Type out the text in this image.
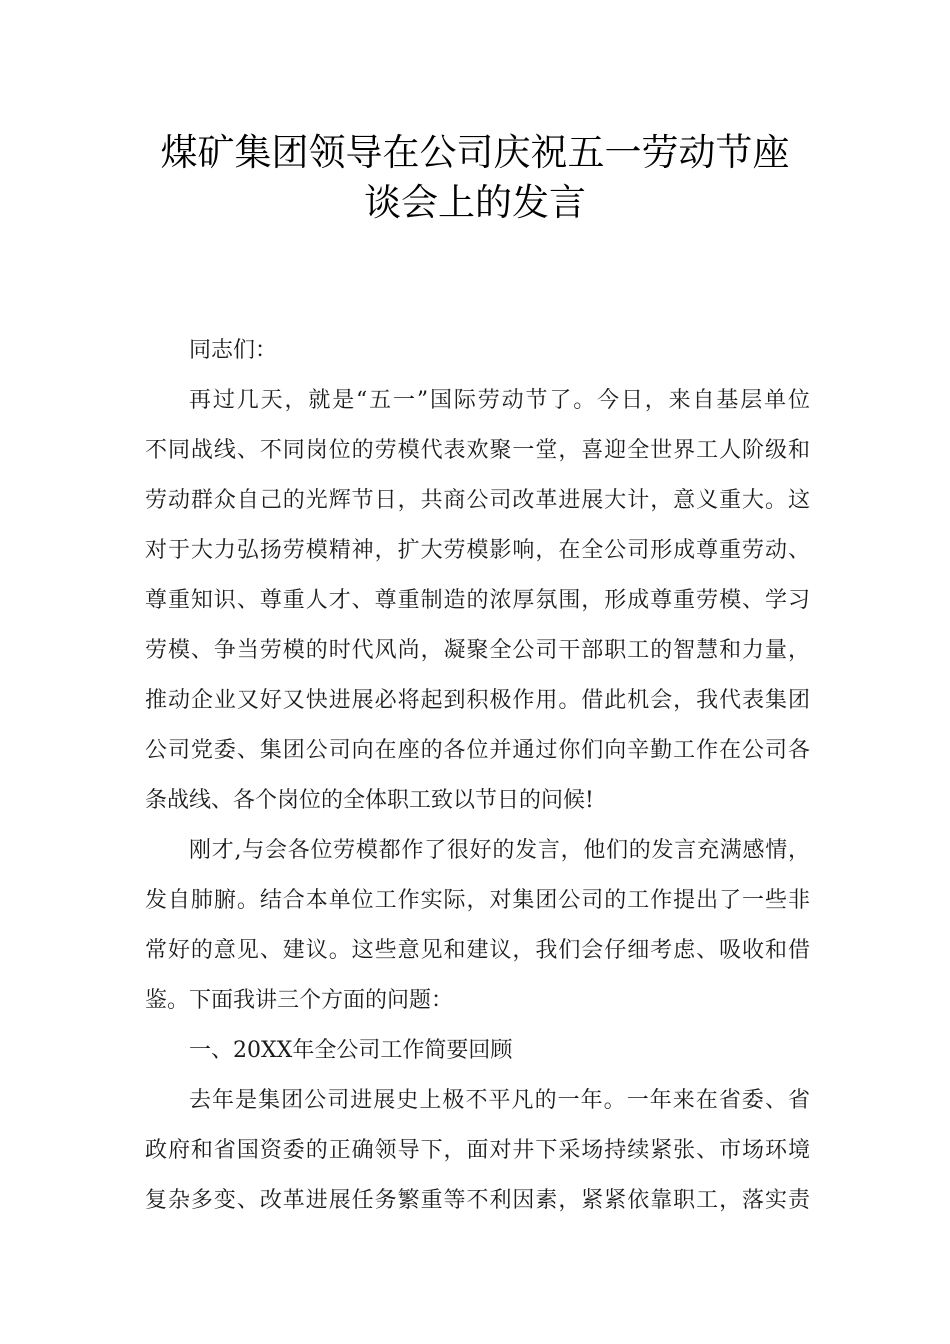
煤矿集团领导在公司庆祝五一劳动节座
谈会上的发言

同志们：

再过几天，就是“五一”国际劳动节了。今日，来自基层单位
不同战线、不同岗位的劳模代表欢聚一堂，喜迎全世界工人阶级和
劳动群众自己的光辉节日，共商公司改革进展大计，意义重大。这
对于大力弘扬劳模精神，扩大劳模影响，在全公司形成尊重劳动、
尊重知识、尊重人才、尊重制造的浓厚氛围，形成尊重劳模、学习
劳模、争当劳模的时代风尚，凝聚全公司干部职工的智慧和力量，
推动企业又好又快进展必将起到积极作用。借此机会，我代表集团
公司党委、集团公司向在座的各位并通过你们向辛勤工作在公司各
条战线、各个岗位的全体职工致以节日的问候!

刚才,与会各位劳模都作了很好的发言，他们的发言充满感情，
发自肺腑。结合本单位工作实际，对集团公司的工作提出了一些非
常好的意见、建议。这些意见和建议，我们会仔细考虑、吸收和借
鉴。下面我讲三个方面的问题：

一、20XX年全公司工作简要回顾

去年是集团公司进展史上极不平凡的一年。一年来在省委、省
政府和省国资委的正确领导下，面对井下采场持续紧张、市场环境
复杂多变、改革进展任务繁重等不利因素，紧紧依靠职工，落实责
